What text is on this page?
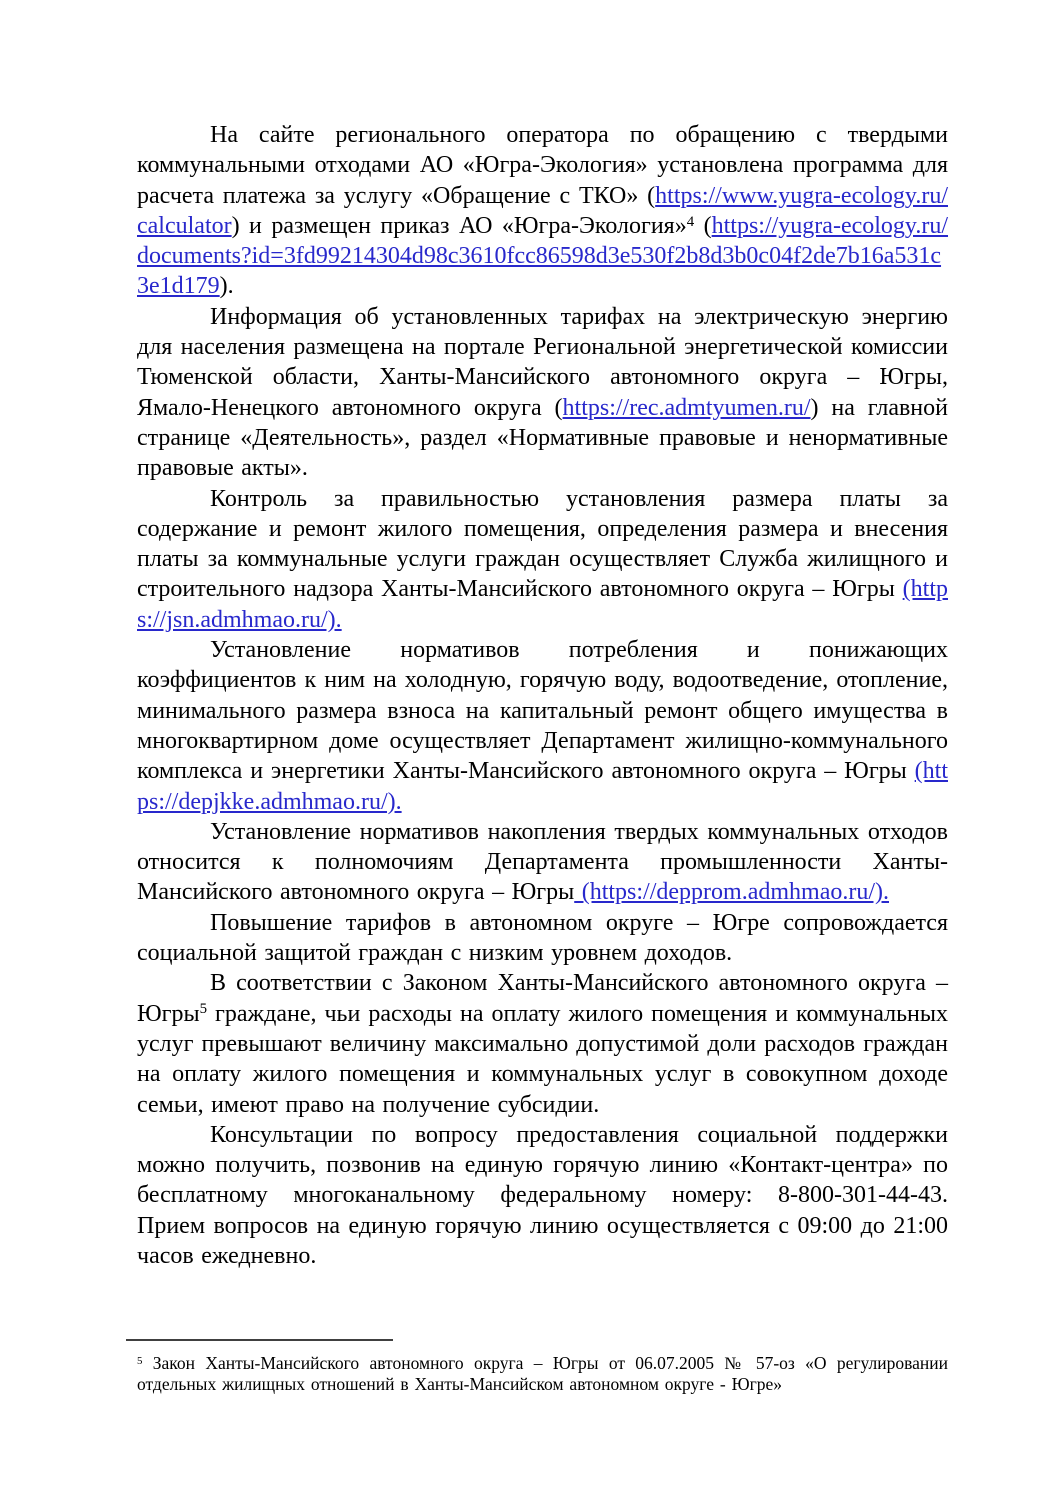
На сайте регионального оператора по обращению с твердыми коммунальными отходами АО «Югра-Экология» установлена программа для расчета платежа за услугу «Обращение с ТКО» (https://www.yugra-ecology.ru/calculator) и размещен приказ АО «Югра-Экология»$^4$ (https://yugra-ecology.ru/documents?id=3fd99214304d98c3610fcc86598d3e530f2b8d3b0c04f2de7b16a531c3e1d179).

Информация об установленных тарифах на электрическую энергию для населения размещена на портале Региональной энергетической комиссии Тюменской области, Ханты-Мансийского автономного округа – Югры, Ямало-Ненецкого автономного округа (https://rec.admtyumen.ru/) на главной странице «Деятельность», раздел «Нормативные правовые и ненормативные правовые акты».

Контроль за правильностью установления размера платы за содержание и ремонт жилого помещения, определения размера и внесения платы за коммунальные услуги граждан осуществляет Служба жилищного и строительного надзора Ханты-Мансийского автономного округа – Югры (https://jsn.admhmao.ru/).

Установление нормативов потребления и понижающих коэффициентов к ним на холодную, горячую воду, водоотведение, отопление, минимального размера взноса на капитальный ремонт общего имущества в многоквартирном доме осуществляет Департамент жилищно-коммунального комплекса и энергетики Ханты-Мансийского автономного округа – Югры (https://depjkke.admhmao.ru/).

Установление нормативов накопления твердых коммунальных отходов относится к полномочиям Департамента промышленности Ханты-Мансийского автономного округа – Югры (https://depprom.admhmao.ru/).

Повышение тарифов в автономном округе – Югре сопровождается социальной защитой граждан с низким уровнем доходов.

В соответствии с Законом Ханты-Мансийского автономного округа – Югры$^5$ граждане, чьи расходы на оплату жилого помещения и коммунальных услуг превышают величину максимально допустимой доли расходов граждан на оплату жилого помещения и коммунальных услуг в совокупном доходе семьи, имеют право на получение субсидии.

Консультации по вопросу предоставления социальной поддержки можно получить, позвонив на единую горячую линию «Контакт-центра» по бесплатному многоканальному федеральному номеру: 8-800-301-44-43. Прием вопросов на единую горячую линию осуществляется с 09:00 до 21:00 часов ежедневно.

$^5$ Закон Ханты-Мансийского автономного округа – Югры от 06.07.2005 № 57-оз «О регулировании отдельных жилищных отношений в Ханты-Мансийском автономном округе - Югре»
